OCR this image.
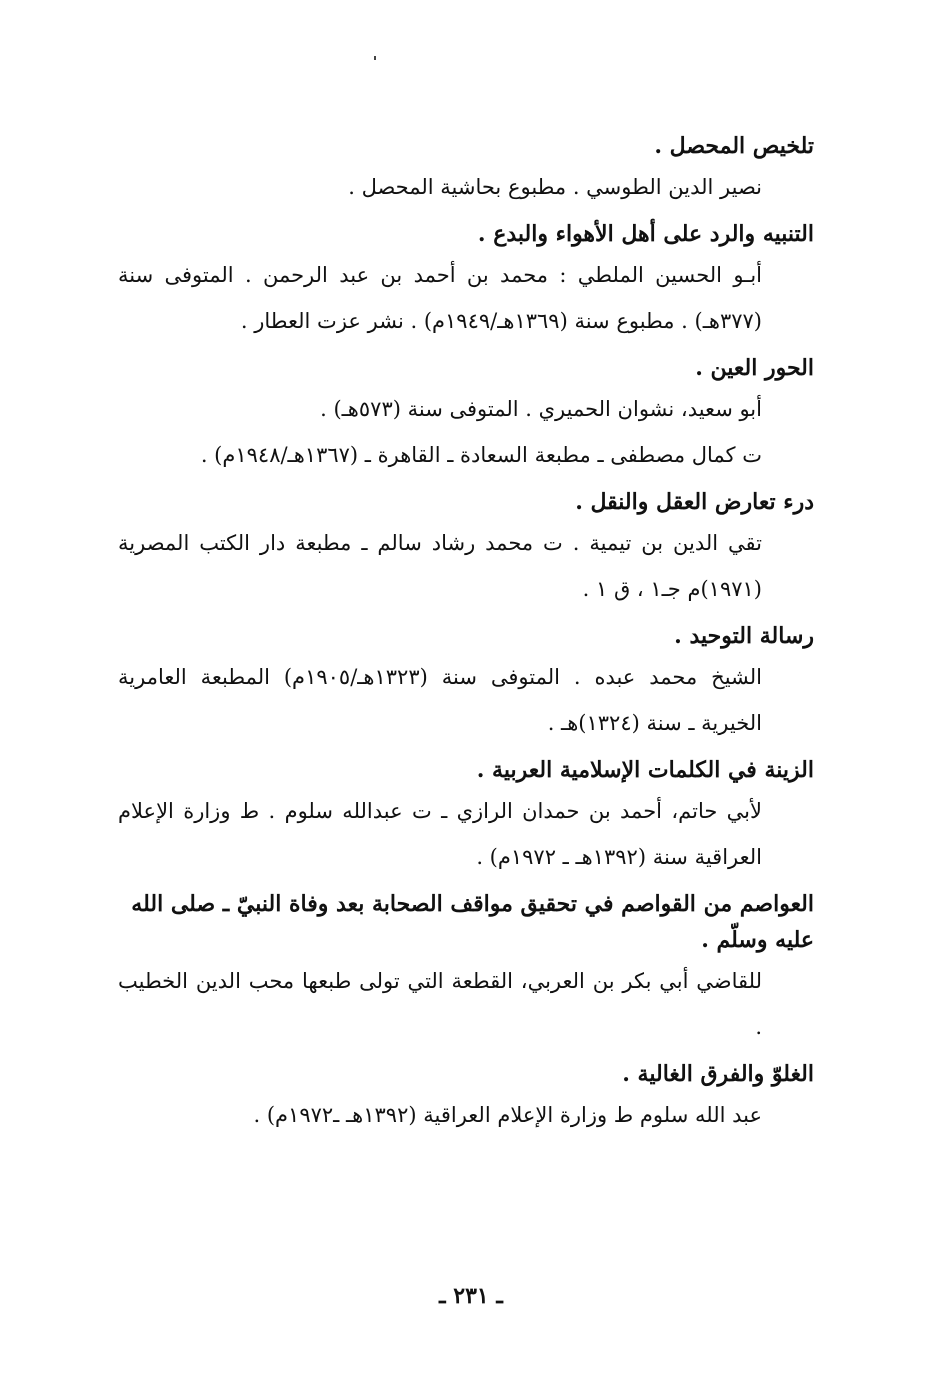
تلخيص المحصل .

نصير الدين الطوسي . مطبوع بحاشية المحصل .

التنبيه والرد على أهل الأهواء والبدع .

أبـو الحسين الملطي : محمد بن أحمد بن عبد الرحمن . المتوفى سنة (٣٧٧هـ) . مطبوع سنة (١٣٦٩هـ/١٩٤٩م) . نشر عزت العطار .

الحور العين .

أبو سعيد، نشوان الحميري . المتوفى سنة (٥٧٣هـ) .

ت كمال مصطفى ـ مطبعة السعادة ـ القاهرة ـ (١٣٦٧هـ/١٩٤٨م) .

درء تعارض العقل والنقل .

تقي الدين بن تيمية . ت محمد رشاد سالم ـ مطبعة دار الكتب المصرية (١٩٧١)م جـ١ ، ق ١ .

رسالة التوحيد .

الشيخ محمد عبده . المتوفى سنة (١٣٢٣هـ/١٩٠٥م) المطبعة العامرية الخيرية ـ سنة (١٣٢٤)هـ .

الزينة في الكلمات الإسلامية العربية .

لأبي حاتم، أحمد بن حمدان الرازي ـ ت عبدالله سلوم . ط وزارة الإعلام العراقية سنة (١٣٩٢هـ ـ ١٩٧٢م) .

العواصم من القواصم في تحقيق مواقف الصحابة بعد وفاة النبيّ ـ صلى الله عليه وسلّم .

للقاضي أبي بكر بن العربي، القطعة التي تولى طبعها محب الدين الخطيب .

الغلوّ والفرق الغالية .

عبد الله سلوم ط وزارة الإعلام العراقية (١٣٩٢هـ ـ١٩٧٢م) .

ـ ٢٣١ ـ
